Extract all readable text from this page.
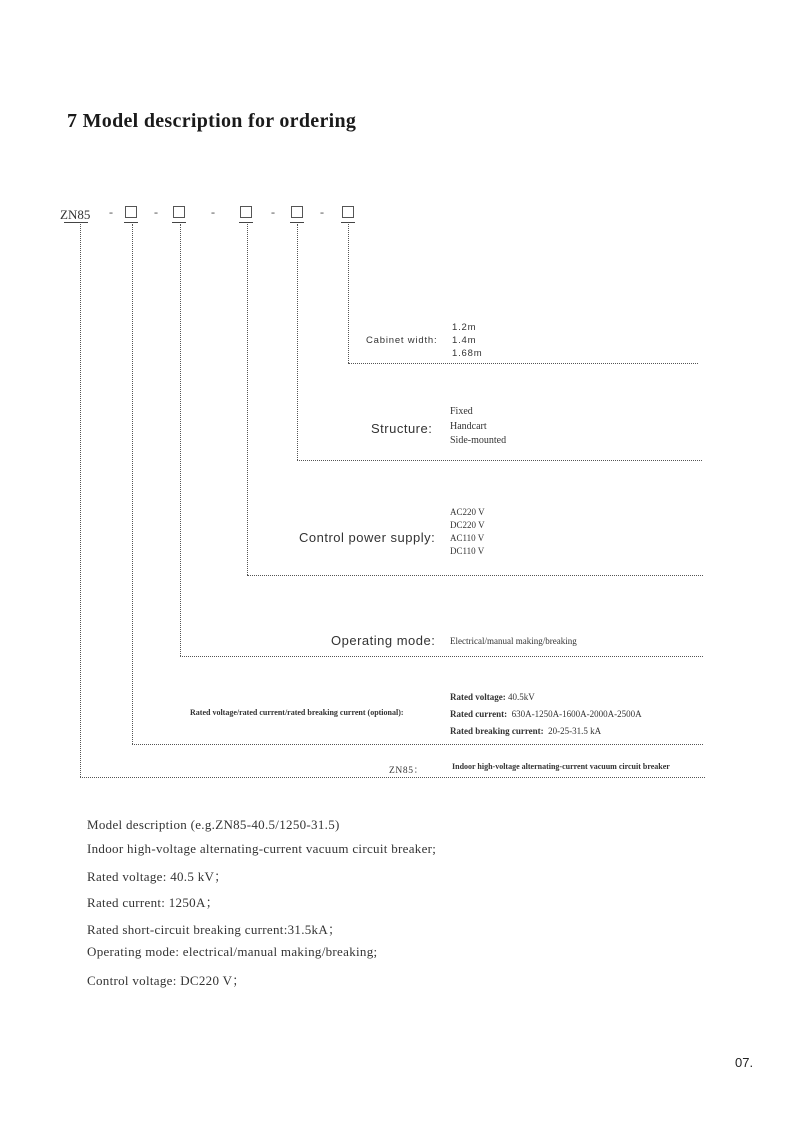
7 Model description for ordering
ZN85 -	-	-	-	-
Cabinet width:
1.2m
1.4m
1.68m
Structure:
Fixed
Handcart
Side-mounted
Control power supply:
AC220 V
DC220 V
AC110 V
DC110 V
Operating mode: Electrical/manual making/breaking
Rated voltage/rated current/rated breaking current (optional):
Rated voltage: 40.5kV
Rated current: 630A-1250A-1600A-2000A-2500A
Rated breaking current: 20-25-31.5 kA
ZN85：	Indoor high-voltage alternating-current vacuum circuit breaker
Model description (e.g.ZN85-40.5/1250-31.5)
Indoor high-voltage alternating-current vacuum circuit breaker;
Rated voltage: 40.5 kV；
Rated current: 1250A；
Rated short-circuit breaking current:31.5kA；
Operating mode: electrical/manual making/breaking;
Control voltage: DC220 V；
07.
